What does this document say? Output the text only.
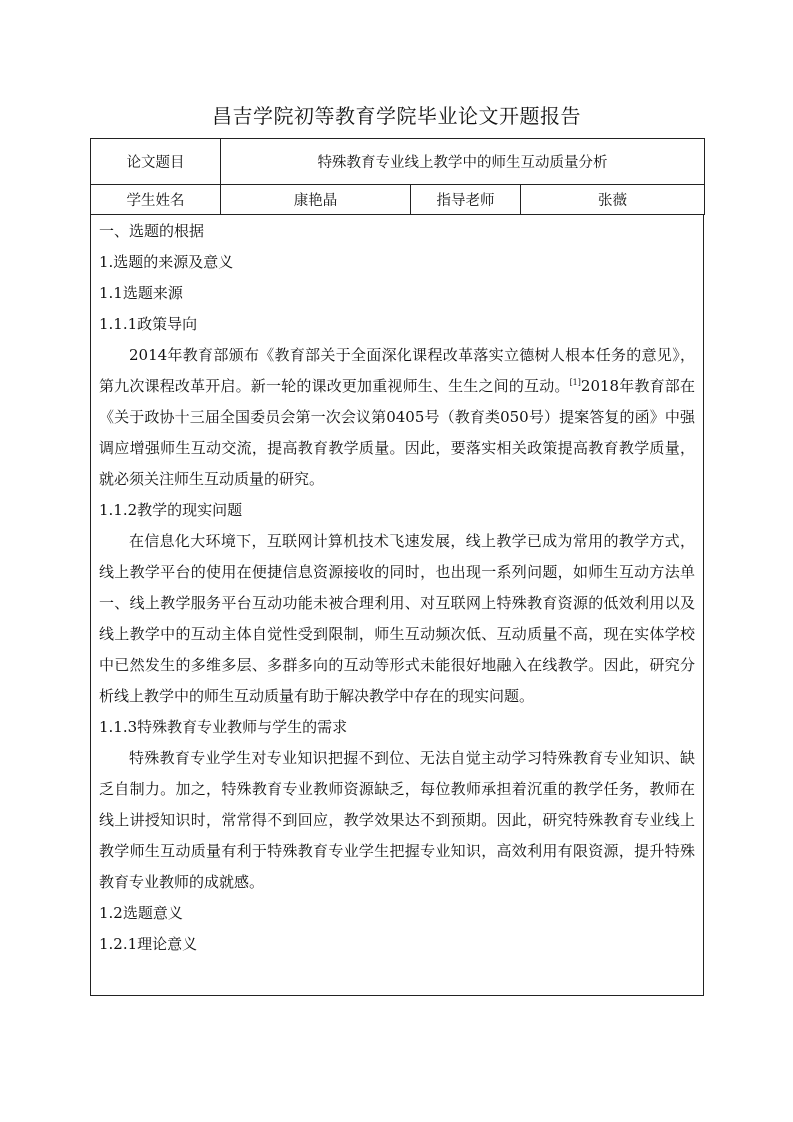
昌吉学院初等教育学院毕业论文开题报告
论文题目	特殊教育专业线上教学中的师生互动质量分析		
学生姓名	康艳晶	指导老师	张薇

一、选题的根据

1.选题的来源及意义

1.1选题来源

1.1.1政策导向

2014年教育部颁布《教育部关于全面深化课程改革落实立德树人根本任务的意见》，第九次课程改革开启。新一轮的课改更加重视师生、生生之间的互动。[1]2018年教育部在《关于政协十三届全国委员会第一次会议第0405号（教育类050号）提案答复的函》中强调应增强师生互动交流，提高教育教学质量。因此，要落实相关政策提高教育教学质量，就必须关注师生互动质量的研究。

1.1.2教学的现实问题

在信息化大环境下，互联网计算机技术飞速发展，线上教学已成为常用的教学方式，线上教学平台的使用在便捷信息资源接收的同时，也出现一系列问题，如师生互动方法单一、线上教学服务平台互动功能未被合理利用、对互联网上特殊教育资源的低效利用以及线上教学中的互动主体自觉性受到限制，师生互动频次低、互动质量不高，现在实体学校中已然发生的多维多层、多群多向的互动等形式未能很好地融入在线教学。因此，研究分析线上教学中的师生互动质量有助于解决教学中存在的现实问题。

1.1.3特殊教育专业教师与学生的需求

特殊教育专业学生对专业知识把握不到位、无法自觉主动学习特殊教育专业知识、缺乏自制力。加之，特殊教育专业教师资源缺乏，每位教师承担着沉重的教学任务，教师在线上讲授知识时，常常得不到回应，教学效果达不到预期。因此，研究特殊教育专业线上教学师生互动质量有利于特殊教育专业学生把握专业知识，高效利用有限资源，提升特殊教育专业教师的成就感。

1.2选题意义

1.2.1理论意义
